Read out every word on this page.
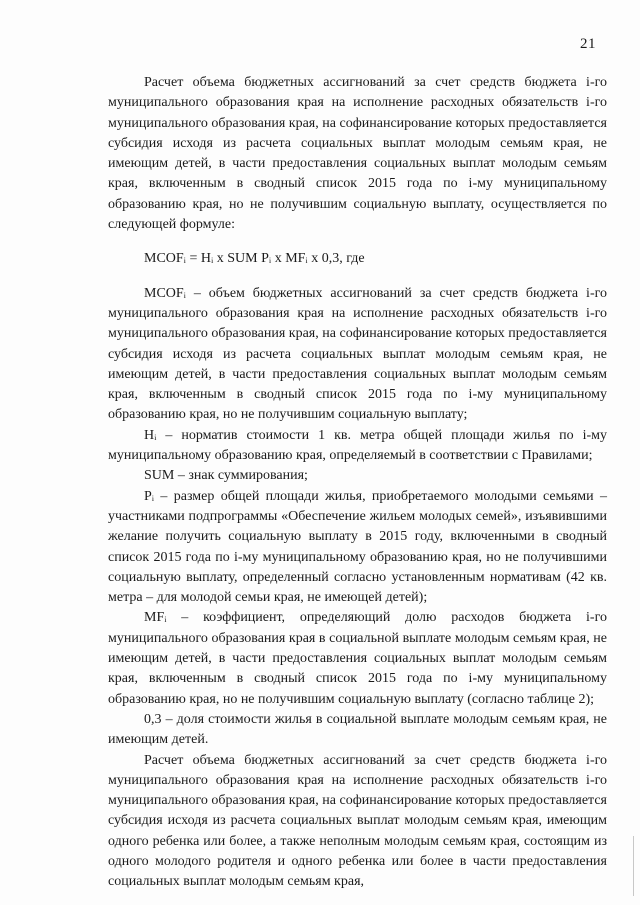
21

Расчет объема бюджетных ассигнований за счет средств бюджета i-го муниципального образования края на исполнение расходных обязательств i-го муниципального образования края, на софинансирование которых предоставляется субсидия исходя из расчета социальных выплат молодым семьям края, не имеющим детей, в части предоставления социальных выплат молодым семьям края, включенным в сводный список 2015 года по i-му муниципальному образованию края, но не получившим социальную выплату, осуществляется по следующей формуле:

MCOFᵢ = Hᵢ x SUM Pᵢ x MFᵢ x 0,3, где

MCOFᵢ – объем бюджетных ассигнований за счет средств бюджета i-го муниципального образования края на исполнение расходных обязательств i-го муниципального образования края, на софинансирование которых предоставляется субсидия исходя из расчета социальных выплат молодым семьям края, не имеющим детей, в части предоставления социальных выплат молодым семьям края, включенным в сводный список 2015 года по i-му муниципальному образованию края, но не получившим социальную выплату;

Hᵢ – норматив стоимости 1 кв. метра общей площади жилья по i-му муниципальному образованию края, определяемый в соответствии с Правилами;

SUM – знак суммирования;

Pᵢ – размер общей площади жилья, приобретаемого молодыми семьями – участниками подпрограммы «Обеспечение жильем молодых семей», изъявившими желание получить социальную выплату в 2015 году, включенными в сводный список 2015 года по i-му муниципальному образованию края, но не получившими социальную выплату, определенный согласно установленным нормативам (42 кв. метра – для молодой семьи края, не имеющей детей);

MFᵢ – коэффициент, определяющий долю расходов бюджета i-го муниципального образования края в социальной выплате молодым семьям края, не имеющим детей, в части предоставления социальных выплат молодым семьям края, включенным в сводный список 2015 года по i-му муниципальному образованию края, но не получившим социальную выплату (согласно таблице 2);

0,3 – доля стоимости жилья в социальной выплате молодым семьям края, не имеющим детей.

Расчет объема бюджетных ассигнований за счет средств бюджета i-го муниципального образования края на исполнение расходных обязательств i-го муниципального образования края, на софинансирование которых предоставляется субсидия исходя из расчета социальных выплат молодым семьям края, имеющим одного ребенка или более, а также неполным молодым семьям края, состоящим из одного молодого родителя и одного ребенка или более в части предоставления социальных выплат молодым семьям края,
